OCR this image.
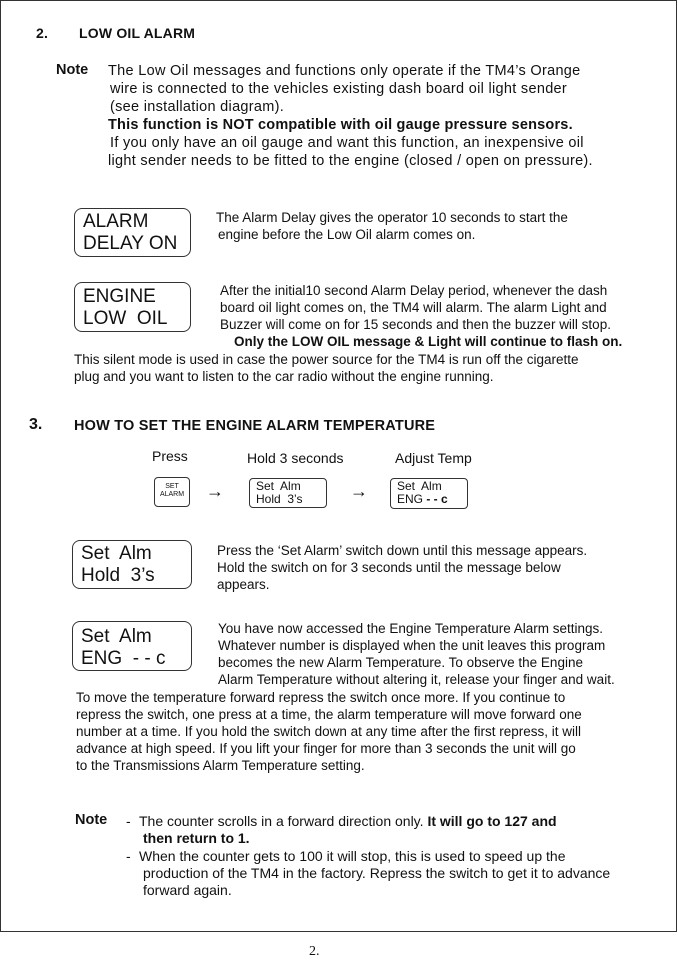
2. LOW OIL ALARM
Note The Low Oil messages and functions only operate if the TM4’s Orange

wire is connected to the vehicles existing dash board oil light sender

(see installation diagram).

This function is NOT compatible with oil gauge pressure sensors.

If you only have an oil gauge and want this function, an inexpensive oil

light sender needs to be fitted to the engine (closed / open on pressure).

ALARM
DELAY ON

The Alarm Delay gives the operator 10 seconds to start the

engine before the Low Oil alarm comes on.

ENGINE
LOW  OIL

After the initial10 second Alarm Delay period, whenever the dash

board oil light comes on, the TM4 will alarm. The alarm Light and

Buzzer will come on for 15 seconds and then the buzzer will stop.

Only the LOW OIL message & Light will continue to flash on.

This silent mode is used in case the power source for the TM4 is run off the cigarette

plug and you want to listen to the car radio without the engine running.

3. HOW TO SET THE ENGINE ALARM TEMPERATURE
Press	Hold 3 seconds	Adjust Temp
SET
ALARM →	Set  Alm
Hold  3’s	→ Set  Alm
ENG - - c
Set  Alm
Hold  3’s

Press the ‘Set Alarm’ switch down until this message appears.

Hold the switch on for 3 seconds until the message below

appears.

Set  Alm
ENG  - - c

You have now accessed the Engine Temperature Alarm settings.

Whatever number is displayed when the unit leaves this program

becomes the new Alarm Temperature. To observe the Engine

Alarm Temperature without altering it, release your finger and wait.

To move the temperature forward repress the switch once more. If you continue to

repress the switch, one press at a time, the alarm temperature will move forward one

number at a time. If you hold the switch down at any time after the first repress, it will

advance at high speed. If you lift your finger for more than 3 seconds the unit will go

to the Transmissions Alarm Temperature setting.

Note - The counter scrolls in a forward direction only. It will go to 127 and
then return to 1.
- When the counter gets to 100 it will stop, this is used to speed up the

production of the TM4 in the factory. Repress the switch to get it to advance

forward again.

2.
